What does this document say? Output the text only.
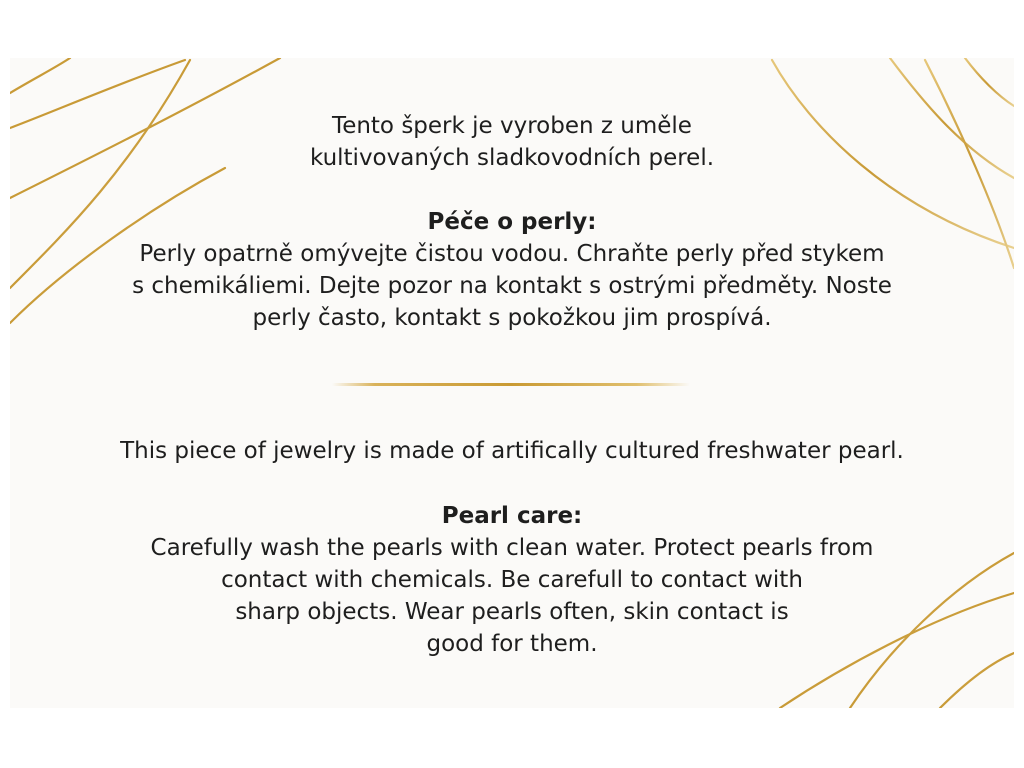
Tento šperk je vyroben z uměle

kultivovaných sladkovodních perel.

Péče o perly:

Perly opatrně omývejte čistou vodou. Chraňte perly před stykem

s chemikáliemi. Dejte pozor na kontakt s ostrými předměty. Noste

perly často, kontakt s pokožkou jim prospívá.

This piece of jewelry is made of artifically cultured freshwater pearl.

Pearl care:

Carefully wash the pearls with clean water. Protect pearls from

contact with chemicals. Be carefull to contact with

sharp objects. Wear pearls often, skin contact is

good for them.
